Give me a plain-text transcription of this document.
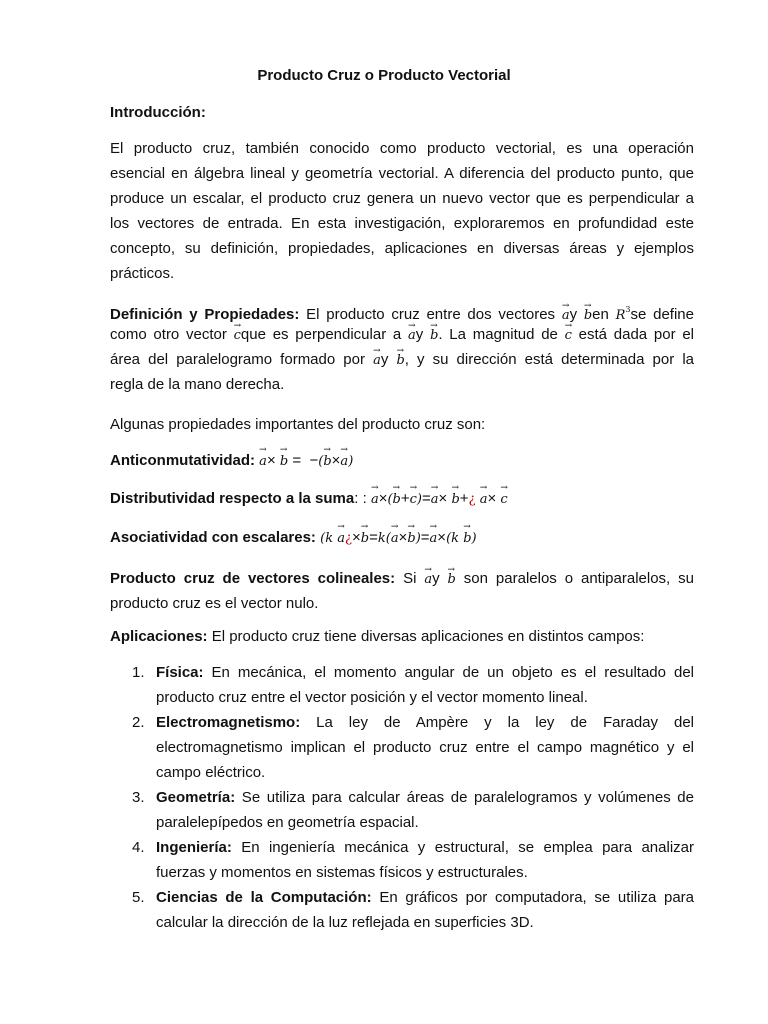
Producto Cruz o Producto Vectorial

Introducción:

El producto cruz, también conocido como producto vectorial, es una operación
esencial en álgebra lineal y geometría vectorial. A diferencia del producto punto, que
produce un escalar, el producto cruz genera un nuevo vector que es perpendicular a
los vectores de entrada. En esta investigación, exploraremos en profundidad este
concepto, su definición, propiedades, aplicaciones en diversas áreas y ejemplos
prácticos.
Definición y Propiedades: El producto cruz entre dos vectores → ay → ben $R^3se$ define
como otro vector → cque es perpendicular a → ay → b. La magnitud de → c está dada por el
área del paralelogramo formado por → ay → b, y su dirección está determinada por la
regla de la mano derecha.

Algunas propiedades importantes del producto cruz son:

Anticonmutatividad: → a× → b = −(→ b×→ a)

Distributividad respecto a la suma: : → a×(→ b+→ c)=→ a× → b+¿ → a× → c

Asociatividad con escalares: (k → a¿×→ b=k(→ a×→ b)=→ a×(k → b)

Producto cruz de vectores colineales: Si → ay → b son paralelos o antiparalelos, su
producto cruz es el vector nulo.

Aplicaciones: El producto cruz tiene diversas aplicaciones en distintos campos:

1. Física: En mecánica, el momento angular de un objeto es el resultado del
producto cruz entre el vector posición y el vector momento lineal.
2. Electromagnetismo: La ley de Ampère y la ley de Faraday del
electromagnetismo implican el producto cruz entre el campo magnético y el
campo eléctrico.
3. Geometría: Se utiliza para calcular áreas de paralelogramos y volúmenes de
paralelepípedos en geometría espacial.
4. Ingeniería: En ingeniería mecánica y estructural, se emplea para analizar
fuerzas y momentos en sistemas físicos y estructurales.
5. Ciencias de la Computación: En gráficos por computadora, se utiliza para
calcular la dirección de la luz reflejada en superficies 3D.
